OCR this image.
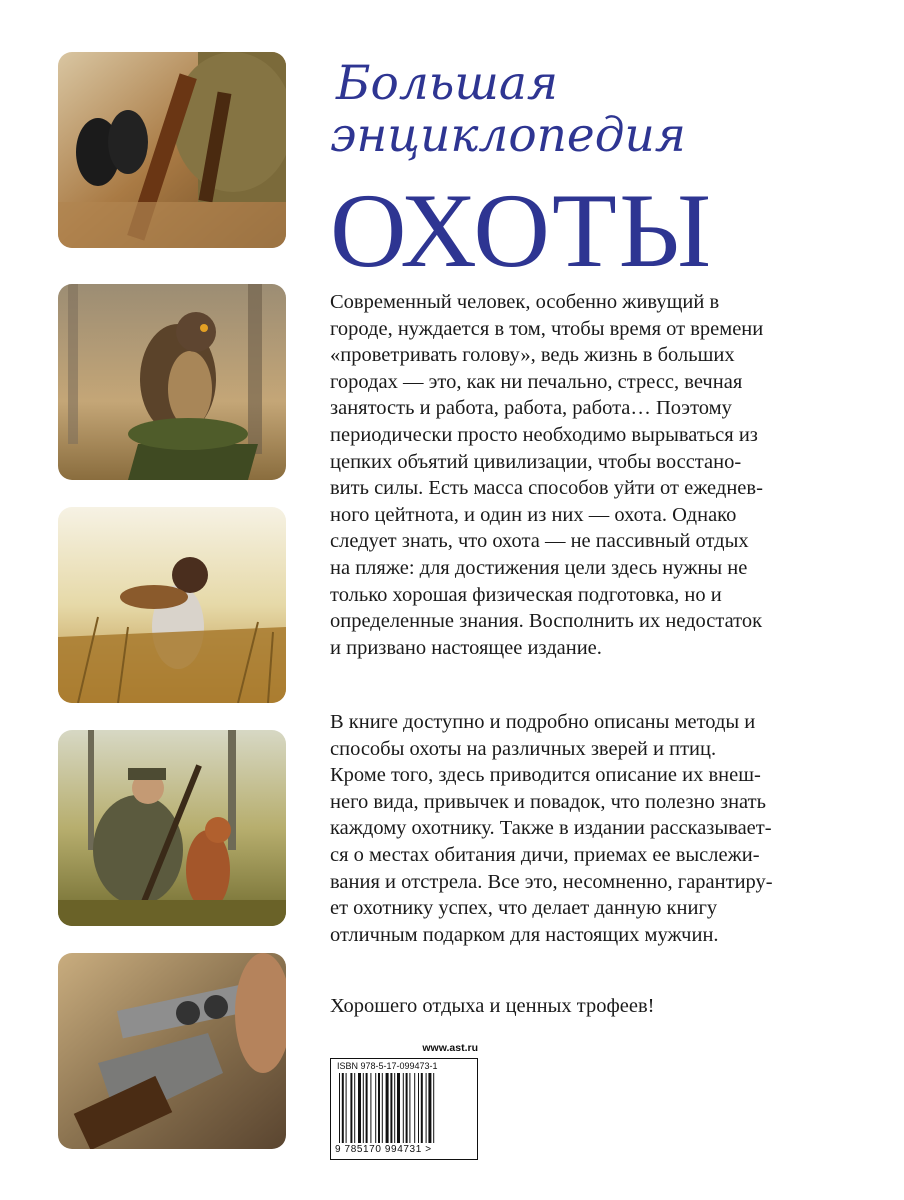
Большая
энциклопедия
ОХОТЫ
Современный человек, особенно живущий в
городе, нуждается в том, чтобы время от времени
«проветривать голову», ведь жизнь в больших
городах — это, как ни печально, стресс, вечная
занятость и работа, работа, работа… Поэтому
периодически просто необходимо вырываться из
цепких объятий цивилизации, чтобы восстано-
вить силы. Есть масса способов уйти от ежеднев-
ного цейтнота, и один из них — охота. Однако
следует знать, что охота — не пассивный отдых
на пляже: для достижения цели здесь нужны не
только хорошая физическая подготовка, но и
определенные знания. Восполнить их недостаток
и призвано настоящее издание.
В книге доступно и подробно описаны методы и
способы охоты на различных зверей и птиц.
Кроме того, здесь приводится описание их внеш-
него вида, привычек и повадок, что полезно знать
каждому охотнику. Также в издании рассказывает-
ся о местах обитания дичи, приемах ее выслежи-
вания и отстрела. Все это, несомненно, гарантиру-
ет охотнику успех, что делает данную книгу
отличным подарком для настоящих мужчин.
Хорошего отдыха и ценных трофеев!
www.ast.ru
ISBN 978-5-17-099473-1
9 785170 994731 >
